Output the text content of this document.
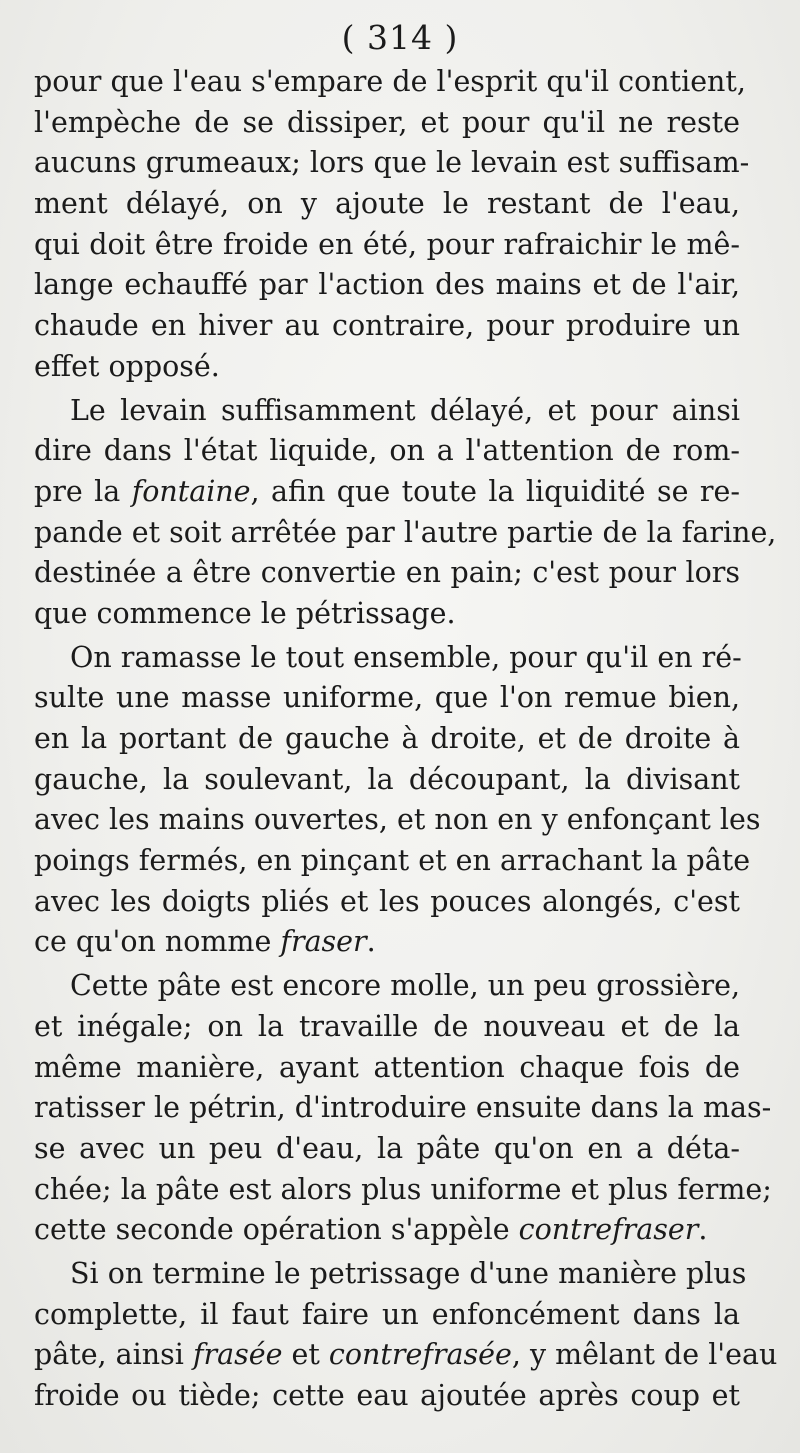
( 314 )
pour que l'eau s'empare de l'esprit qu'il contient,
l'empèche de se dissiper, et pour qu'il ne reste
aucuns grumeaux; lors que le levain est suffisam-
ment délayé, on y ajoute le restant de l'eau,
qui doit être froide en été, pour rafraichir le mê-
lange echauffé par l'action des mains et de l'air,
chaude en hiver au contraire, pour produire un
effet opposé.
Le levain suffisamment délayé, et pour ainsi
dire dans l'état liquide, on a l'attention de rom-
pre la fontaine, afin que toute la liquidité se re-
pande et soit arrêtée par l'autre partie de la farine,
destinée a être convertie en pain; c'est pour lors
que commence le pétrissage.
On ramasse le tout ensemble, pour qu'il en ré-
sulte une masse uniforme, que l'on remue bien,
en la portant de gauche à droite, et de droite à
gauche, la soulevant, la découpant, la divisant
avec les mains ouvertes, et non en y enfonçant les
poings fermés, en pinçant et en arrachant la pâte
avec les doigts pliés et les pouces alongés, c'est
ce qu'on nomme fraser.
Cette pâte est encore molle, un peu grossière,
et inégale; on la travaille de nouveau et de la
même manière, ayant attention chaque fois de
ratisser le pétrin, d'introduire ensuite dans la mas-
se avec un peu d'eau, la pâte qu'on en a déta-
chée; la pâte est alors plus uniforme et plus ferme;
cette seconde opération s'appèle contrefraser.
Si on termine le petrissage d'une manière plus
complette, il faut faire un enfoncément dans la
pâte, ainsi frasée et contrefrasée, y mêlant de l'eau
froide ou tiède; cette eau ajoutée après coup et
